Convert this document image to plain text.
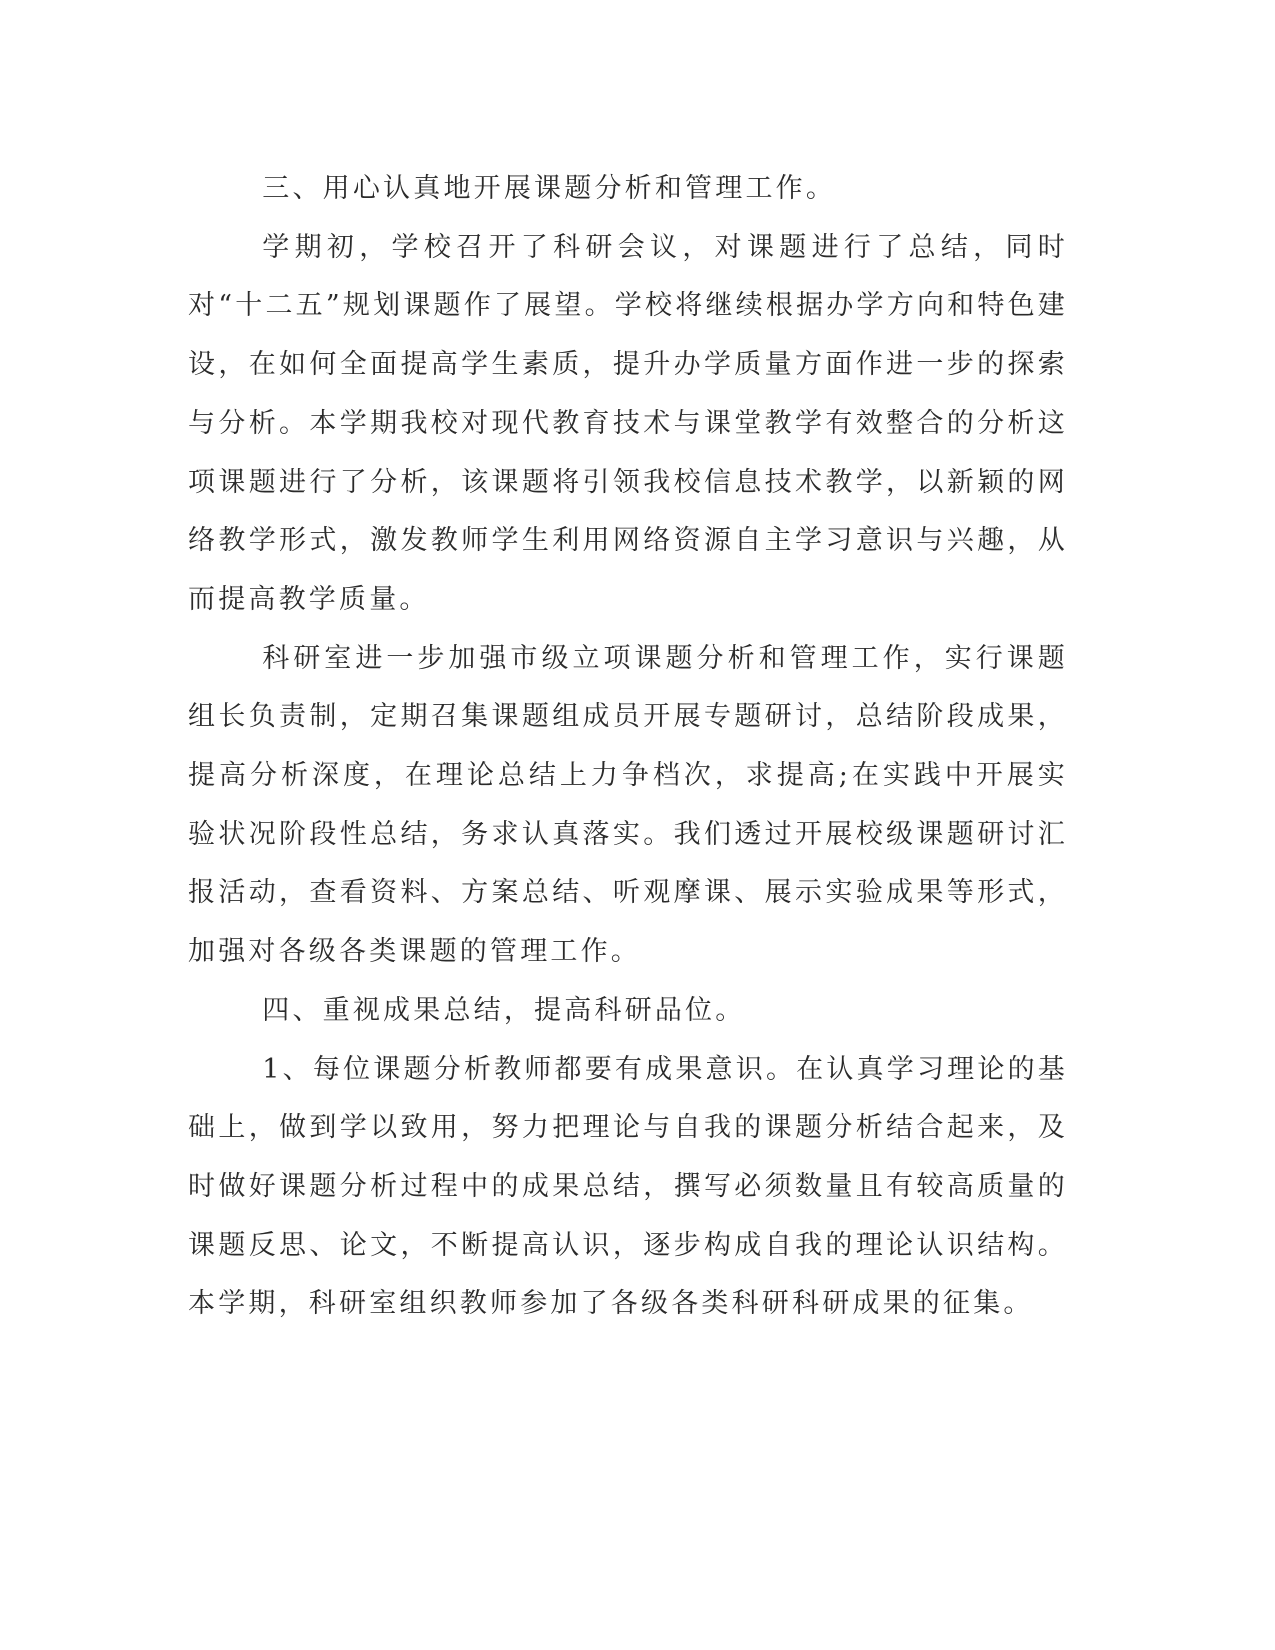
三、用心认真地开展课题分析和管理工作。

学期初，学校召开了科研会议，对课题进行了总结，同时对“十二五”规划课题作了展望。学校将继续根据办学方向和特色建设，在如何全面提高学生素质，提升办学质量方面作进一步的探索与分析。本学期我校对现代教育技术与课堂教学有效整合的分析这项课题进行了分析，该课题将引领我校信息技术教学，以新颖的网络教学形式，激发教师学生利用网络资源自主学习意识与兴趣，从而提高教学质量。

科研室进一步加强市级立项课题分析和管理工作，实行课题组长负责制，定期召集课题组成员开展专题研讨，总结阶段成果，提高分析深度，在理论总结上力争档次，求提高;在实践中开展实验状况阶段性总结，务求认真落实。我们透过开展校级课题研讨汇报活动，查看资料、方案总结、听观摩课、展示实验成果等形式，加强对各级各类课题的管理工作。

四、重视成果总结，提高科研品位。

1、每位课题分析教师都要有成果意识。在认真学习理论的基础上，做到学以致用，努力把理论与自我的课题分析结合起来，及时做好课题分析过程中的成果总结，撰写必须数量且有较高质量的课题反思、论文，不断提高认识，逐步构成自我的理论认识结构。本学期，科研室组织教师参加了各级各类科研科研成果的征集。
